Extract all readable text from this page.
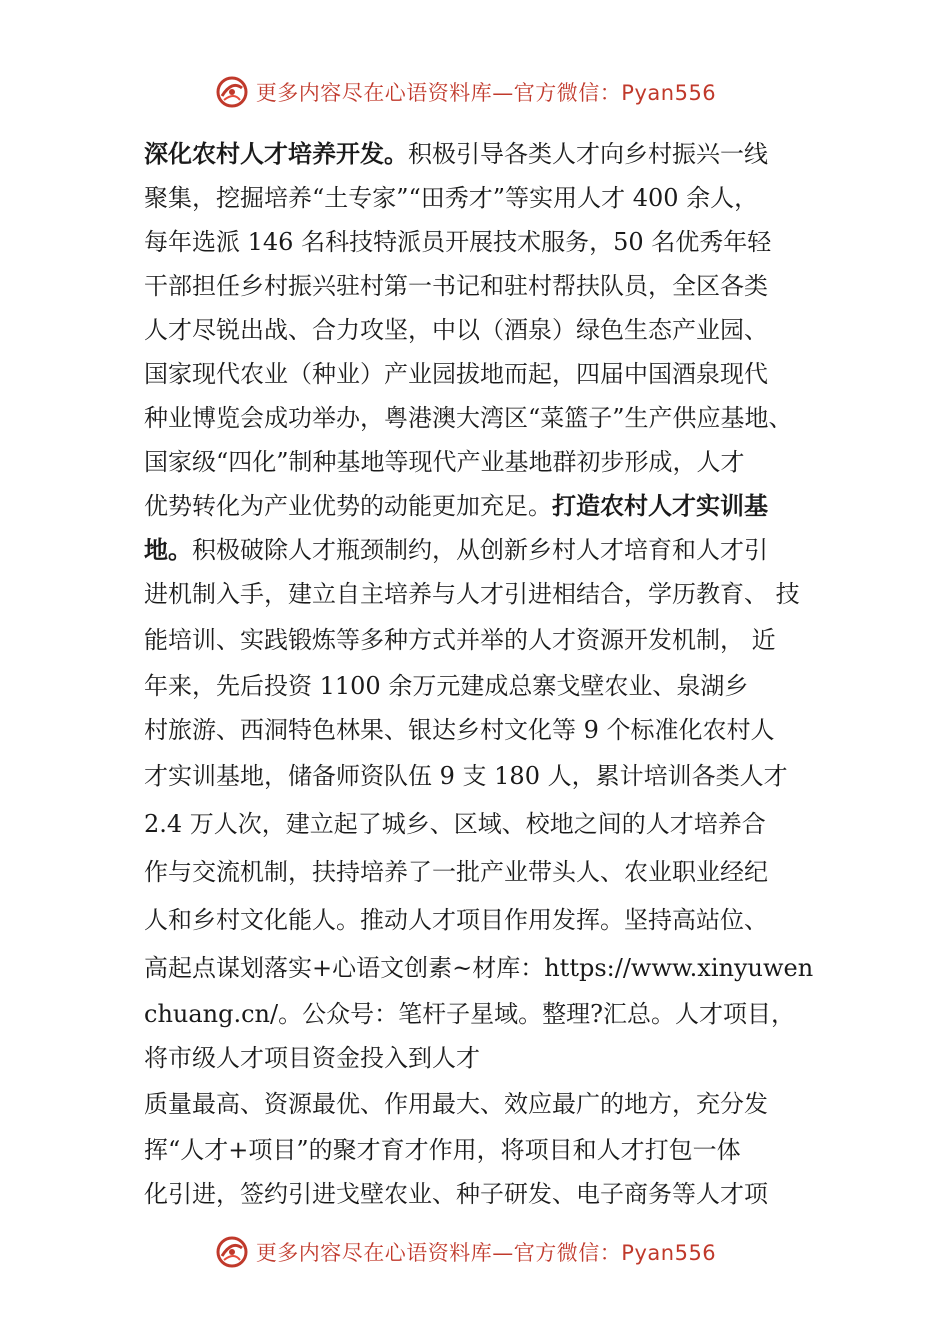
更多内容尽在心语资料库—官方微信：Pyan556
深化农村人才培养开发。积极引导各类人才向乡村振兴一线
聚集，挖掘培养“土专家”“田秀才”等实用人才 400 余人，
每年选派 146 名科技特派员开展技术服务，50 名优秀年轻
干部担任乡村振兴驻村第一书记和驻村帮扶队员，全区各类
人才尽锐出战、合力攻坚，中以（酒泉）绿色生态产业园、
国家现代农业（种业）产业园拔地而起，四届中国酒泉现代
种业博览会成功举办，粤港澳大湾区“菜篮子”生产供应基地、
国家级“四化”制种基地等现代产业基地群初步形成，人才
优势转化为产业优势的动能更加充足。打造农村人才实训基
地。积极破除人才瓶颈制约，从创新乡村人才培育和人才引
进机制入手，建立自主培养与人才引进相结合，学历教育、 技
能培训、实践锻炼等多种方式并举的人才资源开发机制， 近
年来，先后投资 1100 余万元建成总寨戈壁农业、泉湖乡
村旅游、西洞特色林果、银达乡村文化等 9 个标准化农村人
才实训基地，储备师资队伍 9 支 180 人，累计培训各类人才
2.4 万人次，建立起了城乡、区域、校地之间的人才培养合
作与交流机制，扶持培养了一批产业带头人、农业职业经纪
人和乡村文化能人。推动人才项目作用发挥。坚持高站位、
高起点谋划落实+心语文创素~材库：https://www.xinyuwen
chuang.cn/。公众号：笔杆子星域。整理?汇总。人才项目，
将市级人才项目资金投入到人才
质量最高、资源最优、作用最大、效应最广的地方，充分发
挥“人才+项目”的聚才育才作用，将项目和人才打包一体
化引进，签约引进戈壁农业、种子研发、电子商务等人才项
更多内容尽在心语资料库—官方微信：Pyan556
